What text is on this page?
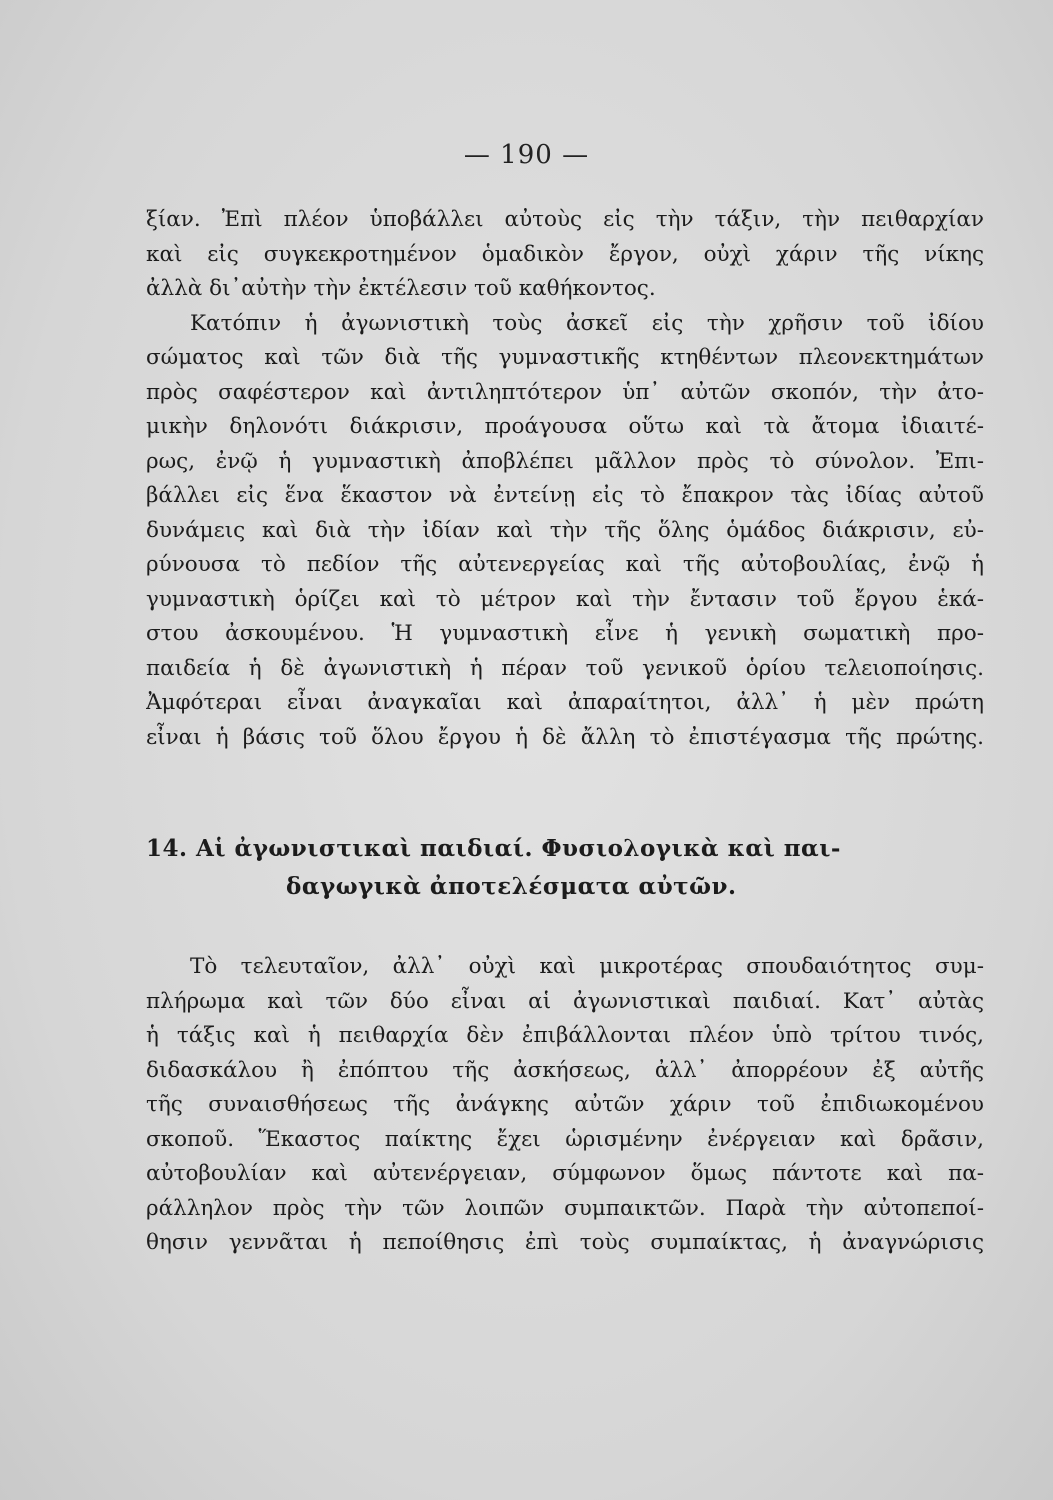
— 190 —
ξίαν. Ἐπὶ πλέον ὑποβάλλει αὐτοὺς εἰς τὴν τάξιν, τὴν πειθαρχίαν
καὶ εἰς συγκεκροτημένον ὁμαδικὸν ἔργον, οὐχὶ χάριν τῆς νίκης
ἀλλὰ δι᾽αὐτὴν τὴν ἐκτέλεσιν τοῦ καθήκοντος.
Κατόπιν ἡ ἀγωνιστικὴ τοὺς ἀσκεῖ εἰς τὴν χρῆσιν τοῦ ἰδίου
σώματος καὶ τῶν διὰ τῆς γυμναστικῆς κτηθέντων πλεονεκτημάτων
πρὸς σαφέστερον καὶ ἀντιληπτότερον ὑπ᾽ αὐτῶν σκοπόν, τὴν ἀτο-
μικὴν δηλονότι διάκρισιν, προάγουσα οὕτω καὶ τὰ ἄτομα ἰδιαιτέ-
ρως, ἐνῷ ἡ γυμναστικὴ ἀποβλέπει μᾶλλον πρὸς τὸ σύνολον. Ἐπι-
βάλλει εἰς ἕνα ἕκαστον νὰ ἐντείνῃ εἰς τὸ ἔπακρον τὰς ἰδίας αὐτοῦ
δυνάμεις καὶ διὰ τὴν ἰδίαν καὶ τὴν τῆς ὅλης ὁμάδος διάκρισιν, εὐ-
ρύνουσα τὸ πεδίον τῆς αὐτενεργείας καὶ τῆς αὐτοβουλίας, ἐνῷ ἡ
γυμναστικὴ ὁρίζει καὶ τὸ μέτρον καὶ τὴν ἔντασιν τοῦ ἔργου ἑκά-
στου ἀσκουμένου. Ἡ γυμναστικὴ εἶνε ἡ γενικὴ σωματικὴ προ-
παιδεία ἡ δὲ ἀγωνιστικὴ ἡ πέραν τοῦ γενικοῦ ὁρίου τελειοποίησις.
Ἀμφότεραι εἶναι ἀναγκαῖαι καὶ ἀπαραίτητοι, ἀλλ᾽ ἡ μὲν πρώτη
εἶναι ἡ βάσις τοῦ ὅλου ἔργου ἡ δὲ ἄλλη τὸ ἐπιστέγασμα τῆς πρώτης.
14. Αἱ ἀγωνιστικαὶ παιδιαί. Φυσιολογικὰ καὶ παι-
δαγωγικὰ ἀποτελέσματα αὐτῶν.
Τὸ τελευταῖον, ἀλλ᾽ οὐχὶ καὶ μικροτέρας σπουδαιότητος συμ-
πλήρωμα καὶ τῶν δύο εἶναι αἱ ἀγωνιστικαὶ παιδιαί. Κατ᾽ αὐτὰς
ἡ τάξις καὶ ἡ πειθαρχία δὲν ἐπιβάλλονται πλέον ὑπὸ τρίτου τινός,
διδασκάλου ἢ ἐπόπτου τῆς ἀσκήσεως, ἀλλ᾽ ἀπορρέουν ἐξ αὐτῆς
τῆς συναισθήσεως τῆς ἀνάγκης αὐτῶν χάριν τοῦ ἐπιδιωκομένου
σκοποῦ. Ἕκαστος παίκτης ἔχει ὡρισμένην ἐνέργειαν καὶ δρᾶσιν,
αὐτοβουλίαν καὶ αὐτενέργειαν, σύμφωνον ὅμως πάντοτε καὶ πα-
ράλληλον πρὸς τὴν τῶν λοιπῶν συμπαικτῶν. Παρὰ τὴν αὐτοπεποί-
θησιν γεννᾶται ἡ πεποίθησις ἐπὶ τοὺς συμπαίκτας, ἡ ἀναγνώρισις
